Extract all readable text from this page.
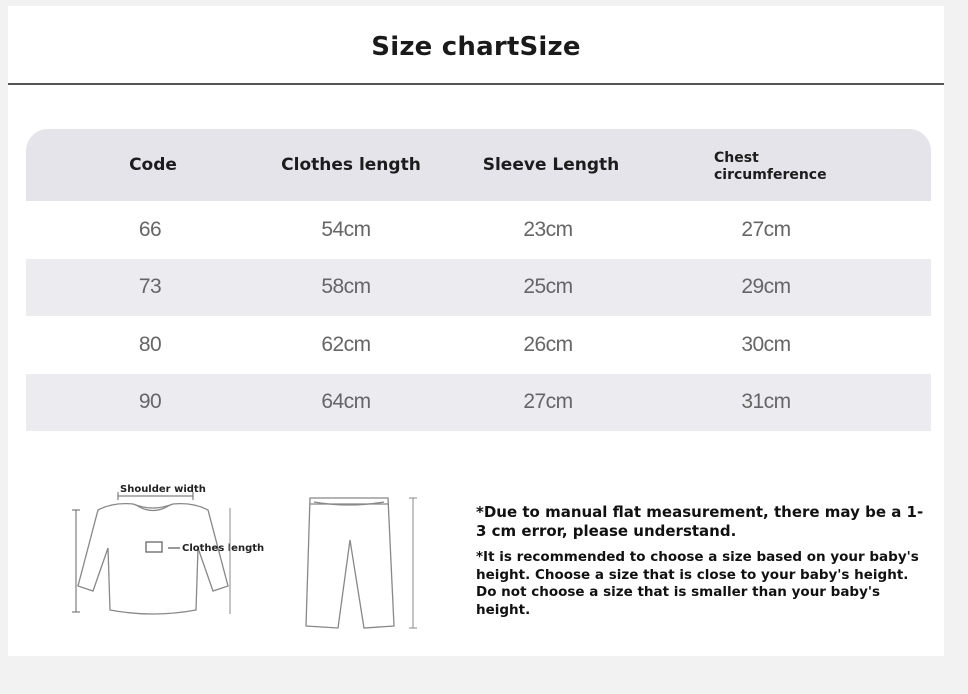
Size chartSize
Code	Clothes length	Sleeve Length	Chest
circumference
66	54cm	23cm	27cm
73	58cm	25cm	29cm
80	62cm	26cm	30cm
90	64cm	27cm	31cm
Shoulder width
Clothes length

*Due to manual flat measurement, there may be a 1-3 cm error, please understand.

*It is recommended to choose a size based on your baby's height. Choose a size that is close to your baby's height. Do not choose a size that is smaller than your baby's height.
